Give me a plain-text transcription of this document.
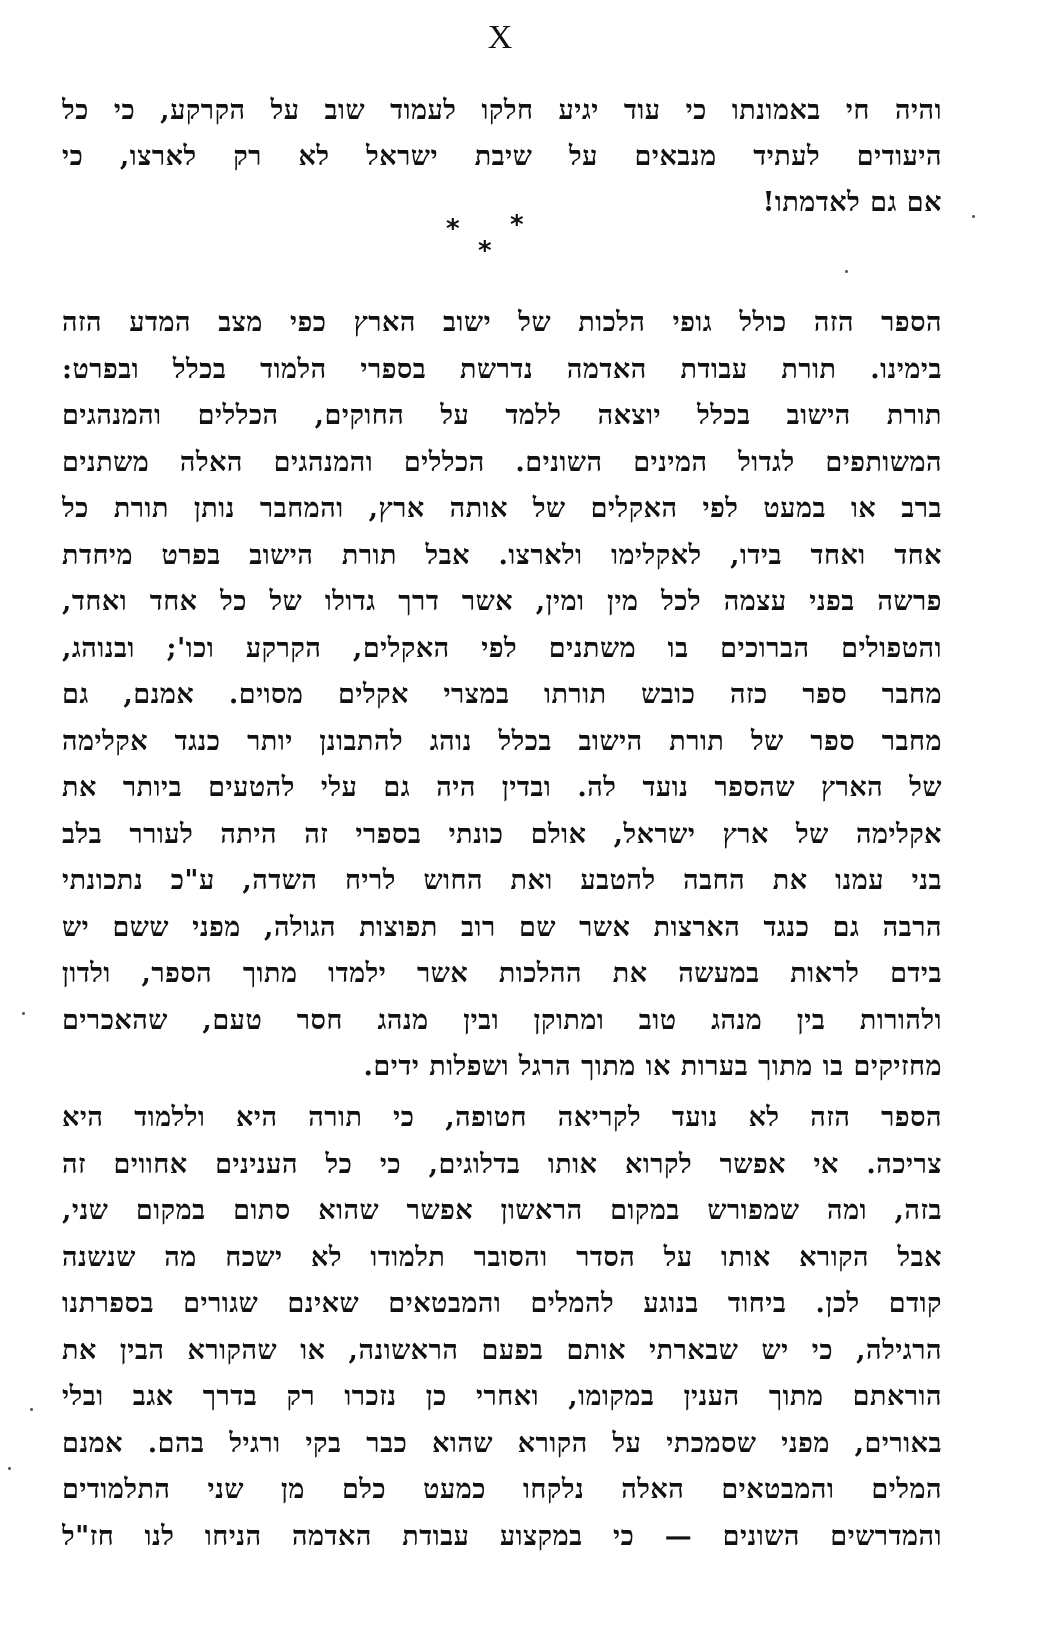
X
והיה חי באמונתו כי עוד יגיע חלקו לעמוד שוב על הקרקע, כי כל
היעודים לעתיד מנבאים על שיבת ישראל לא רק לארצו, כי
אם גם לאדמתו!
* *
*
הספר הזה כולל גופי הלכות של ישוב הארץ כפי מצב המדע הזה
בימינו. תורת עבודת האדמה נדרשת בספרי הלמוד בכלל ובפרט:
תורת הישוב בכלל יוצאה ללמד על החוקים, הכללים והמנהגים
המשותפים לגדול המינים השונים. הכללים והמנהגים האלה משתנים
ברב או במעט לפי האקלים של אותה ארץ, והמחבר נותן תורת כל
אחד ואחד בידו, לאקלימו ולארצו. אבל תורת הישוב בפרט מיחדת
פרשה בפני עצמה לכל מין ומין, אשר דרך גדולו של כל אחד ואחד,
והטפולים הברוכים בו משתנים לפי האקלים, הקרקע וכו'; ובנוהג,
מחבר ספר כזה כובש תורתו במצרי אקלים מסוים. אמנם, גם
מחבר ספר של תורת הישוב בכלל נוהג להתבונן יותר כנגד אקלימה
של הארץ שהספר נועד לה. ובדין היה גם עלי להטעים ביותר את
אקלימה של ארץ ישראל, אולם כונתי בספרי זה היתה לעורר בלב
בני עמנו את החבה להטבע ואת החוש לריח השדה, ע"כ נתכונתי
הרבה גם כנגד הארצות אשר שם רוב תפוצות הגולה, מפני ששם יש
בידם לראות במעשה את ההלכות אשר ילמדו מתוך הספר, ולדון
ולהורות בין מנהג טוב ומתוקן ובין מנהג חסר טעם, שהאכרים
מחזיקים בו מתוך בערות או מתוך הרגל ושפלות ידים.
הספר הזה לא נועד לקריאה חטופה, כי תורה היא וללמוד היא
צריכה. אי אפשר לקרוא אותו בדלוגים, כי כל הענינים אחווים זה
בזה, ומה שמפורש במקום הראשון אפשר שהוא סתום במקום שני,
אבל הקורא אותו על הסדר והסובר תלמודו לא ישכח מה שנשנה
קודם לכן. ביחוד בנוגע להמלים והמבטאים שאינם שגורים בספרתנו
הרגילה, כי יש שבארתי אותם בפעם הראשונה, או שהקורא הבין את
הוראתם מתוך הענין במקומו, ואחרי כן נזכרו רק בדרך אגב ובלי
באורים, מפני שסמכתי על הקורא שהוא כבר בקי ורגיל בהם. אמנם
המלים והמבטאים האלה נלקחו כמעט כלם מן שני התלמודים
והמדרשים השונים — כי במקצוע עבודת האדמה הניחו לנו חז"ל
